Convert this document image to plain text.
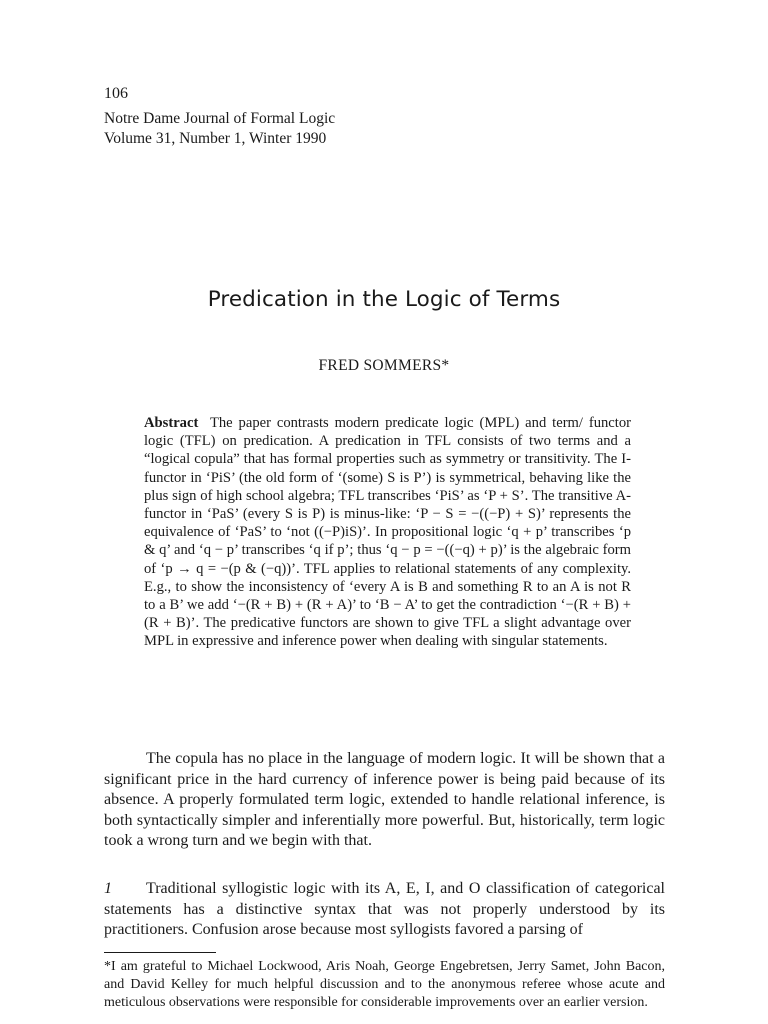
106
Notre Dame Journal of Formal Logic
Volume 31, Number 1, Winter 1990
Predication in the Logic of Terms
FRED SOMMERS*
Abstract The paper contrasts modern predicate logic (MPL) and term/ functor logic (TFL) on predication. A predication in TFL consists of two terms and a “logical copula” that has formal properties such as symmetry or transitivity. The I-functor in ‘PiS’ (the old form of ‘(some) S is P’) is symmetrical, behaving like the plus sign of high school algebra; TFL transcribes ‘PiS’ as ‘P + S’. The transitive A-functor in ‘PaS’ (every S is P) is minus-like: ‘P − S = −((−P) + S)’ represents the equivalence of ‘PaS’ to ‘not ((−P)iS)’. In propositional logic ‘q + p’ transcribes ‘p & q’ and ‘q − p’ transcribes ‘q if p’; thus ‘q − p = −((−q) + p)’ is the algebraic form of ‘p → q = −(p & (−q))’. TFL applies to relational statements of any complexity. E.g., to show the inconsistency of ‘every A is B and something R to an A is not R to a B’ we add ‘−(R + B) + (R + A)’ to ‘B − A’ to get the contradiction ‘−(R + B) + (R + B)’. The predicative functors are shown to give TFL a slight advantage over MPL in expressive and inference power when dealing with singular statements.
The copula has no place in the language of modern logic. It will be shown that a significant price in the hard currency of inference power is being paid because of its absence. A properly formulated term logic, extended to handle relational inference, is both syntactically simpler and inferentially more powerful. But, historically, term logic took a wrong turn and we begin with that.
1 Traditional syllogistic logic with its A, E, I, and O classification of categorical statements has a distinctive syntax that was not properly understood by its practitioners. Confusion arose because most syllogists favored a parsing of
*I am grateful to Michael Lockwood, Aris Noah, George Engebretsen, Jerry Samet, John Bacon, and David Kelley for much helpful discussion and to the anonymous referee whose acute and meticulous observations were responsible for considerable improvements over an earlier version.
